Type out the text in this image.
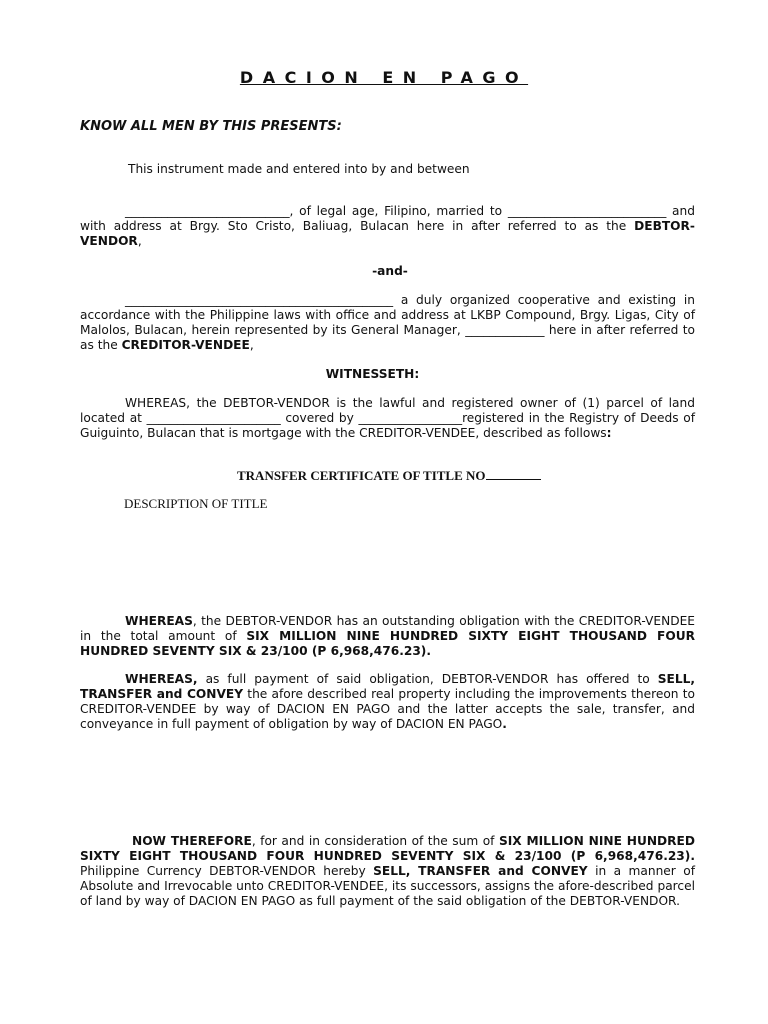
DACION EN PAGO

KNOW ALL MEN BY THIS PRESENTS:

This instrument made and entered into by and between

___________________________, of legal age, Filipino, married to __________________________ and with address at Brgy. Sto Cristo, Baliuag, Bulacan here in after referred to as the DEBTOR-VENDOR,

-and-

____________________________________________ a duly organized cooperative and existing in accordance with the Philippine laws with office and address at LKBP Compound, Brgy. Ligas, City of Malolos, Bulacan, herein represented by its General Manager, _____________ here in after referred to as the CREDITOR-VENDEE,

WITNESSETH:

WHEREAS, the DEBTOR-VENDOR is the lawful and registered owner of (1) parcel of land located at ______________________ covered by _________________registered in the Registry of Deeds of Guiguinto, Bulacan that is mortgage with the CREDITOR-VENDEE, described as follows:

TRANSFER CERTIFICATE OF TITLE NO
DESCRIPTION OF TITLE

WHEREAS, the DEBTOR-VENDOR has an outstanding obligation with the CREDITOR-VENDEE in the total amount of SIX MILLION NINE HUNDRED SIXTY EIGHT THOUSAND FOUR HUNDRED SEVENTY SIX & 23/100 (P 6,968,476.23).

WHEREAS, as full payment of said obligation, DEBTOR-VENDOR has offered to SELL, TRANSFER and CONVEY the afore described real property including the improvements thereon to CREDITOR-VENDEE by way of DACION EN PAGO and the latter accepts the sale, transfer, and conveyance in full payment of obligation by way of DACION EN PAGO.

NOW THEREFORE, for and in consideration of the sum of SIX MILLION NINE HUNDRED SIXTY EIGHT THOUSAND FOUR HUNDRED SEVENTY SIX & 23/100 (P 6,968,476.23). Philippine Currency DEBTOR-VENDOR hereby SELL, TRANSFER and CONVEY in a manner of Absolute and Irrevocable unto CREDITOR-VENDEE, its successors, assigns the afore-described parcel of land by way of DACION EN PAGO as full payment of the said obligation of the DEBTOR-VENDOR.
